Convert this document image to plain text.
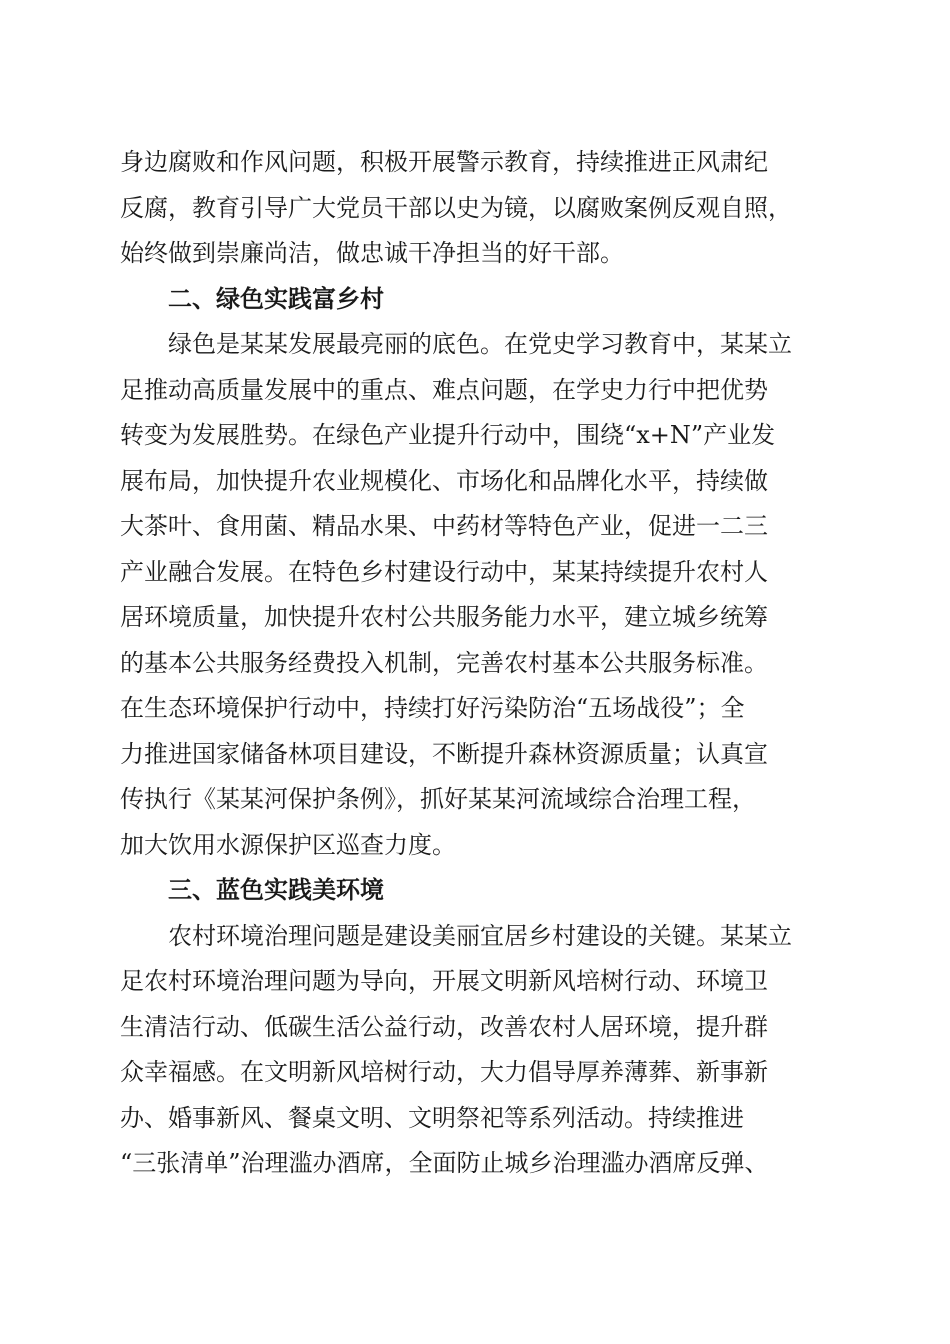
身边腐败和作风问题，积极开展警示教育，持续推进正风肃纪
反腐，教育引导广大党员干部以史为镜，以腐败案例反观自照，
始终做到崇廉尚洁，做忠诚干净担当的好干部。
二、绿色实践富乡村
绿色是某某发展最亮丽的底色。在党史学习教育中，某某立
足推动高质量发展中的重点、难点问题，在学史力行中把优势
转变为发展胜势。在绿色产业提升行动中，围绕“x+N”产业发
展布局，加快提升农业规模化、市场化和品牌化水平，持续做
大茶叶、食用菌、精品水果、中药材等特色产业，促进一二三
产业融合发展。在特色乡村建设行动中，某某持续提升农村人
居环境质量，加快提升农村公共服务能力水平，建立城乡统筹
的基本公共服务经费投入机制，完善农村基本公共服务标准。
在生态环境保护行动中，持续打好污染防治“五场战役”；全
力推进国家储备林项目建设，不断提升森林资源质量；认真宣
传执行《某某河保护条例》，抓好某某河流域综合治理工程，
加大饮用水源保护区巡查力度。
三、蓝色实践美环境
农村环境治理问题是建设美丽宜居乡村建设的关键。某某立
足农村环境治理问题为导向，开展文明新风培树行动、环境卫
生清洁行动、低碳生活公益行动，改善农村人居环境，提升群
众幸福感。在文明新风培树行动，大力倡导厚养薄葬、新事新
办、婚事新风、餐桌文明、文明祭祀等系列活动。持续推进
“三张清单”治理滥办酒席，全面防止城乡治理滥办酒席反弹、
